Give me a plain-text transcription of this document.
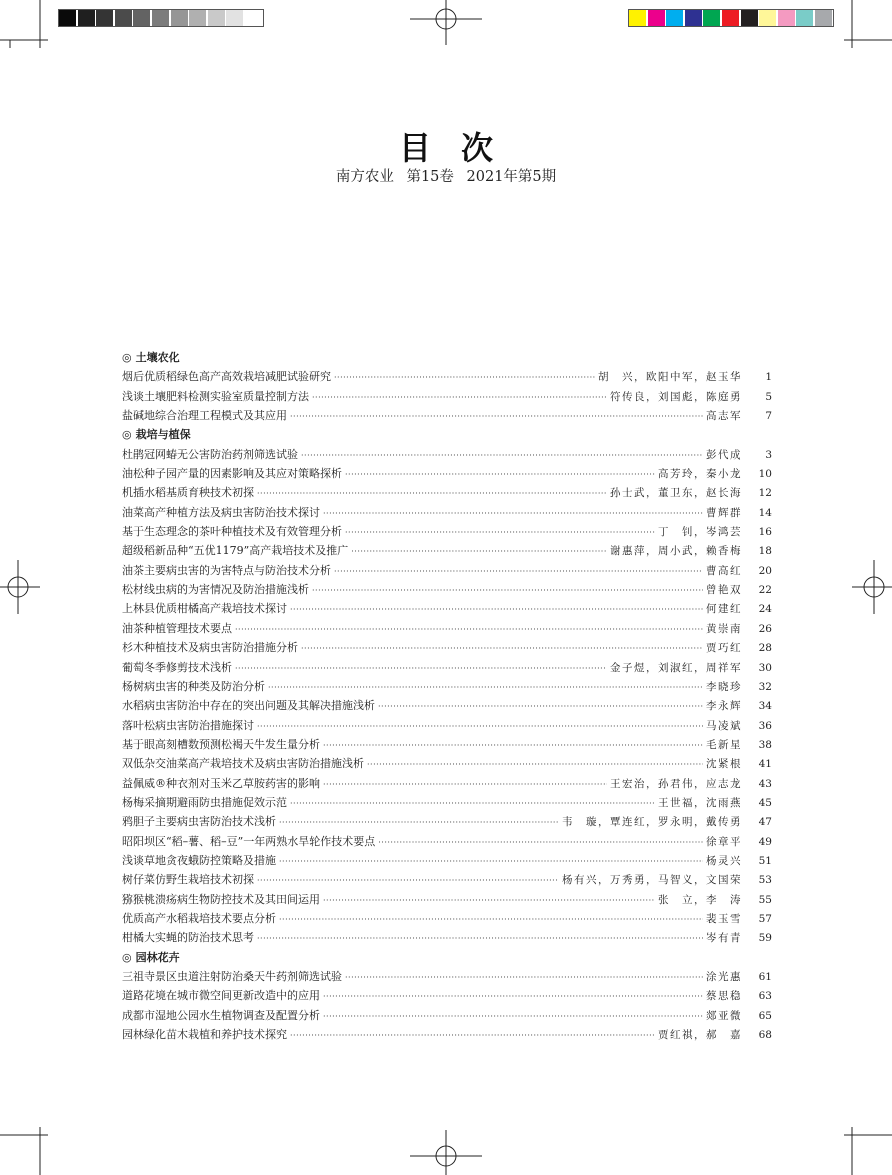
目次
南方农业 第15卷 2021年第5期
◎ 土壤农化
烟后优质稻绿色高产高效栽培减肥试验研究 ·····	胡　兴，欧阳中军，赵玉华	1
浅谈土壤肥料检测实验室质量控制方法 ·····	符传良，刘国彪，陈庭勇	5
盐碱地综合治理工程模式及其应用 ·····	高志军	7
◎ 栽培与植保
杜鹃冠网蝽无公害防治药剂筛选试验 ·····	彭代成	3
油松种子园产量的因素影响及其应对策略探析 ·····	高芳玲，秦小龙	10
机插水稻基质育秧技术初探 ·····	孙士武，董卫东，赵长海	12
油菜高产种植方法及病虫害防治技术探讨 ·····	曹辉群	14
基于生态理念的茶叶种植技术及有效管理分析 ·····	丁　钊，岑鸿芸	16
超级稻新品种“五优1179”高产栽培技术及推广 ·····	谢惠萍，周小武，赖香梅	18
油茶主要病虫害的为害特点与防治技术分析 ·····	曹高红	20
松材线虫病的为害情况及防治措施浅析 ·····	曾艳双	22
上林县优质柑橘高产栽培技术探讨 ·····	何建红	24
油茶种植管理技术要点 ·····	黄崇南	26
杉木种植技术及病虫害防治措施分析 ·····	贾巧红	28
葡萄冬季修剪技术浅析 ·····	金子煜，刘淑红，周祥军	30
杨树病虫害的种类及防治分析 ·····	李晓珍	32
水稻病虫害防治中存在的突出问题及其解决措施浅析 ·····	李永辉	34
落叶松病虫害防治措施探讨 ·····	马凌斌	36
基于眼高刻槽数预测松褐天牛发生量分析 ·····	毛新星	38
双低杂交油菜高产栽培技术及病虫害防治措施浅析 ·····	沈紧根	41
益佩威®种衣剂对玉米乙草胺药害的影响 ·····	王宏治，孙君伟，应志龙	43
杨梅采摘期避雨防虫措施促效示范 ·····	王世福，沈雨燕	45
鸦胆子主要病虫害防治技术浅析 ·····	韦　璇，覃连红，罗永明，戴传勇	47
昭阳坝区“稻–薯、稻–豆”一年两熟水旱轮作技术要点 ·····	徐章平	49
浅谈草地贪夜蛾防控策略及措施 ·····	杨灵兴	51
树仔菜仿野生栽培技术初探 ·····	杨有兴，万秀勇，马智义，文国荣	53
猕猴桃溃疡病生物防控技术及其田间运用 ·····	张　立，李　涛	55
优质高产水稻栽培技术要点分析 ·····	裴玉雪	57
柑橘大实蝇的防治技术思考 ·····	岑有青	59
◎ 园林花卉
三祖寺景区虫道注射防治桑天牛药剂筛选试验 ·····	涂光惠	61
道路花境在城市微空间更新改造中的应用 ·····	蔡思稳	63
成都市湿地公园水生植物调查及配置分析 ·····	郯亚微	65
园林绿化苗木栽植和养护技术探究 ·····	贾红祺，郝　嘉	68
